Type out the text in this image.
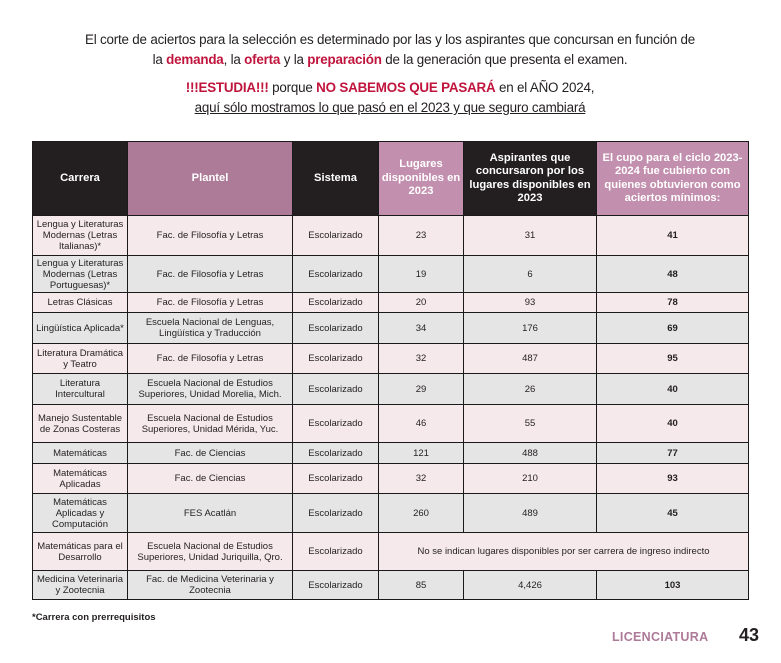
El corte de aciertos para la selección es determinado por las y los aspirantes que concursan en función de
la demanda, la oferta y la preparación de la generación que presenta el examen.
!!!ESTUDIA!!! porque NO SABEMOS QUE PASARÁ en el AÑO 2024,
aquí sólo mostramos lo que pasó en el 2023 y que seguro cambiará
Carrera	Plantel	Sistema	Lugares disponibles en 2023	Aspirantes que concursaron por los lugares disponibles en 2023	El cupo para el ciclo 2023-2024 fue cubierto con quienes obtuvieron como aciertos mínimos:
Lengua y Literaturas Modernas (Letras Italianas)*	Fac. de Filosofía y Letras	Escolarizado	23	31	41
Lengua y Literaturas Modernas (Letras Portuguesas)*	Fac. de Filosofía y Letras	Escolarizado	19	6	48
Letras Clásicas	Fac. de Filosofía y Letras	Escolarizado	20	93	78
Lingüística Aplicada*	Escuela Nacional de Lenguas, Lingüística y Traducción	Escolarizado	34	176	69
Literatura Dramática y Teatro	Fac. de Filosofía y Letras	Escolarizado	32	487	95
Literatura Intercultural	Escuela Nacional de Estudios Superiores, Unidad Morelia, Mich.	Escolarizado	29	26	40
Manejo Sustentable de Zonas Costeras	Escuela Nacional de Estudios Superiores, Unidad Mérida, Yuc.	Escolarizado	46	55	40
Matemáticas	Fac. de Ciencias	Escolarizado	121	488	77
Matemáticas Aplicadas	Fac. de Ciencias	Escolarizado	32	210	93
Matemáticas Aplicadas y Computación	FES Acatlán	Escolarizado	260	489	45
Matemáticas para el Desarrollo	Escuela Nacional de Estudios Superiores, Unidad Juriquilla, Qro.	Escolarizado	No se indican lugares disponibles por ser carrera de ingreso indirecto		
Medicina Veterinaria y Zootecnia	Fac. de Medicina Veterinaria y Zootecnia	Escolarizado	85	4,426	103
*Carrera con prerrequisitos
LICENCIATURA 43
